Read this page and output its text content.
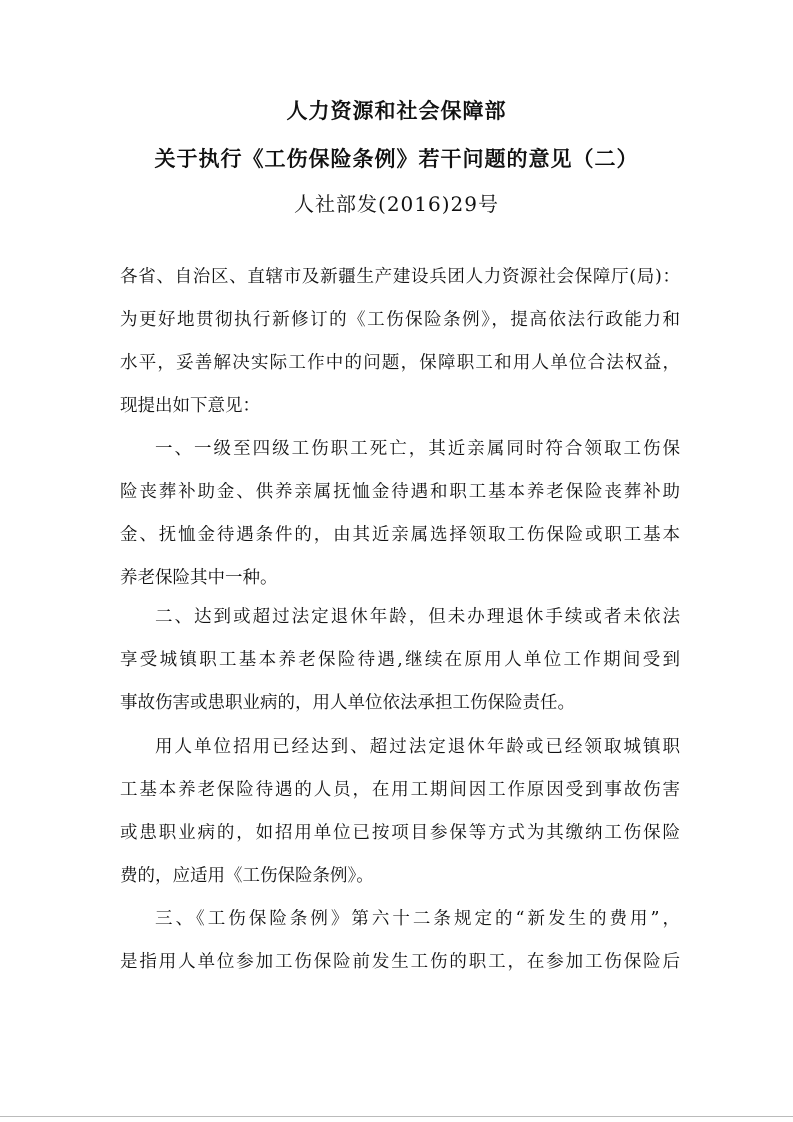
人力资源和社会保障部
关于执行《工伤保险条例》若干问题的意见（二）
人社部发(2016)29号

各省、自治区、直辖市及新疆生产建设兵团人力资源社会保障厅(局)：

为更好地贯彻执行新修订的《工伤保险条例》，提高依法行政能力和

水平，妥善解决实际工作中的问题，保障职工和用人单位合法权益，

现提出如下意见：

一、一级至四级工伤职工死亡，其近亲属同时符合领取工伤保

险丧葬补助金、供养亲属抚恤金待遇和职工基本养老保险丧葬补助

金、抚恤金待遇条件的，由其近亲属选择领取工伤保险或职工基本

养老保险其中一种。

二、达到或超过法定退休年龄，但未办理退休手续或者未依法

享受城镇职工基本养老保险待遇,继续在原用人单位工作期间受到

事故伤害或患职业病的，用人单位依法承担工伤保险责任。

用人单位招用已经达到、超过法定退休年龄或已经领取城镇职

工基本养老保险待遇的人员，在用工期间因工作原因受到事故伤害

或患职业病的，如招用单位已按项目参保等方式为其缴纳工伤保险

费的，应适用《工伤保险条例》。

三、《工伤保险条例》第六十二条规定的“新发生的费用”，

是指用人单位参加工伤保险前发生工伤的职工，在参加工伤保险后
